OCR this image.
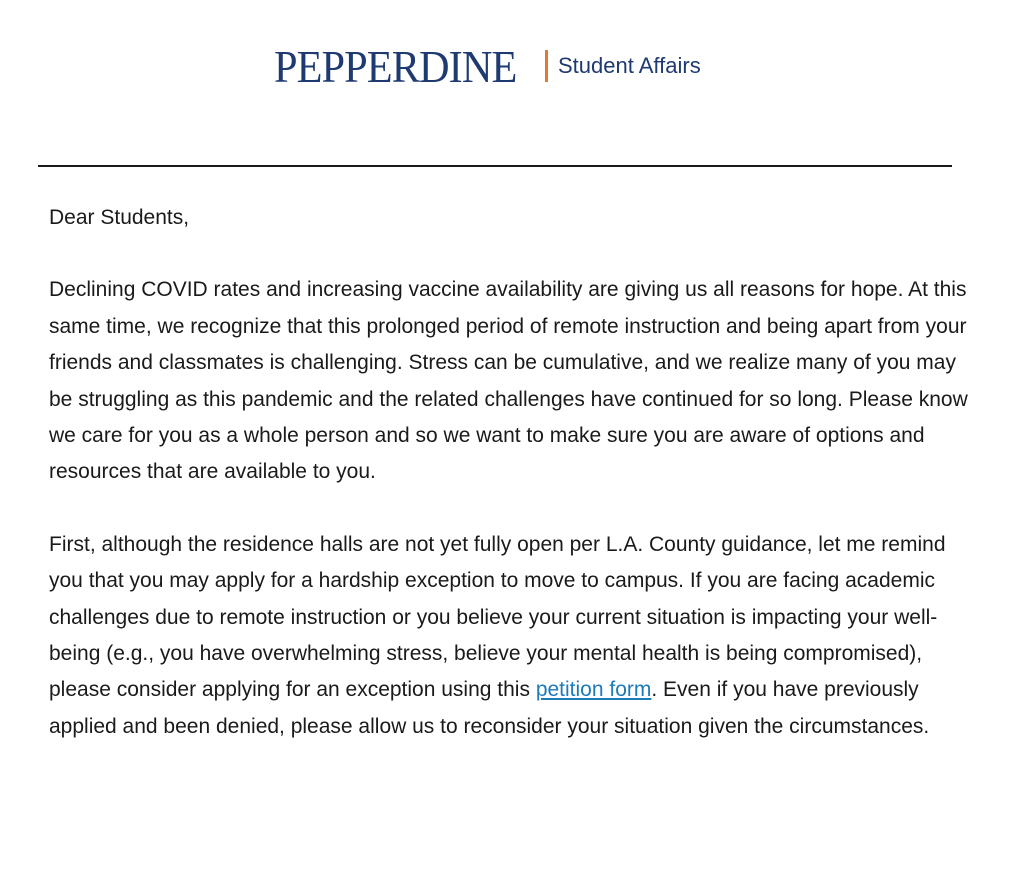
PEPPERDINE Student Affairs

Dear Students,

Declining COVID rates and increasing vaccine availability are giving us all reasons for hope. At this same time, we recognize that this prolonged period of remote instruction and being apart from your friends and classmates is challenging. Stress can be cumulative, and we realize many of you may be struggling as this pandemic and the related challenges have continued for so long. Please know we care for you as a whole person and so we want to make sure you are aware of options and resources that are available to you.

First, although the residence halls are not yet fully open per L.A. County guidance, let me remind you that you may apply for a hardship exception to move to campus. If you are facing academic challenges due to remote instruction or you believe your current situation is impacting your well-being (e.g., you have overwhelming stress, believe your mental health is being compromised), please consider applying for an exception using this petition form. Even if you have previously applied and been denied, please allow us to reconsider your situation given the circumstances.
